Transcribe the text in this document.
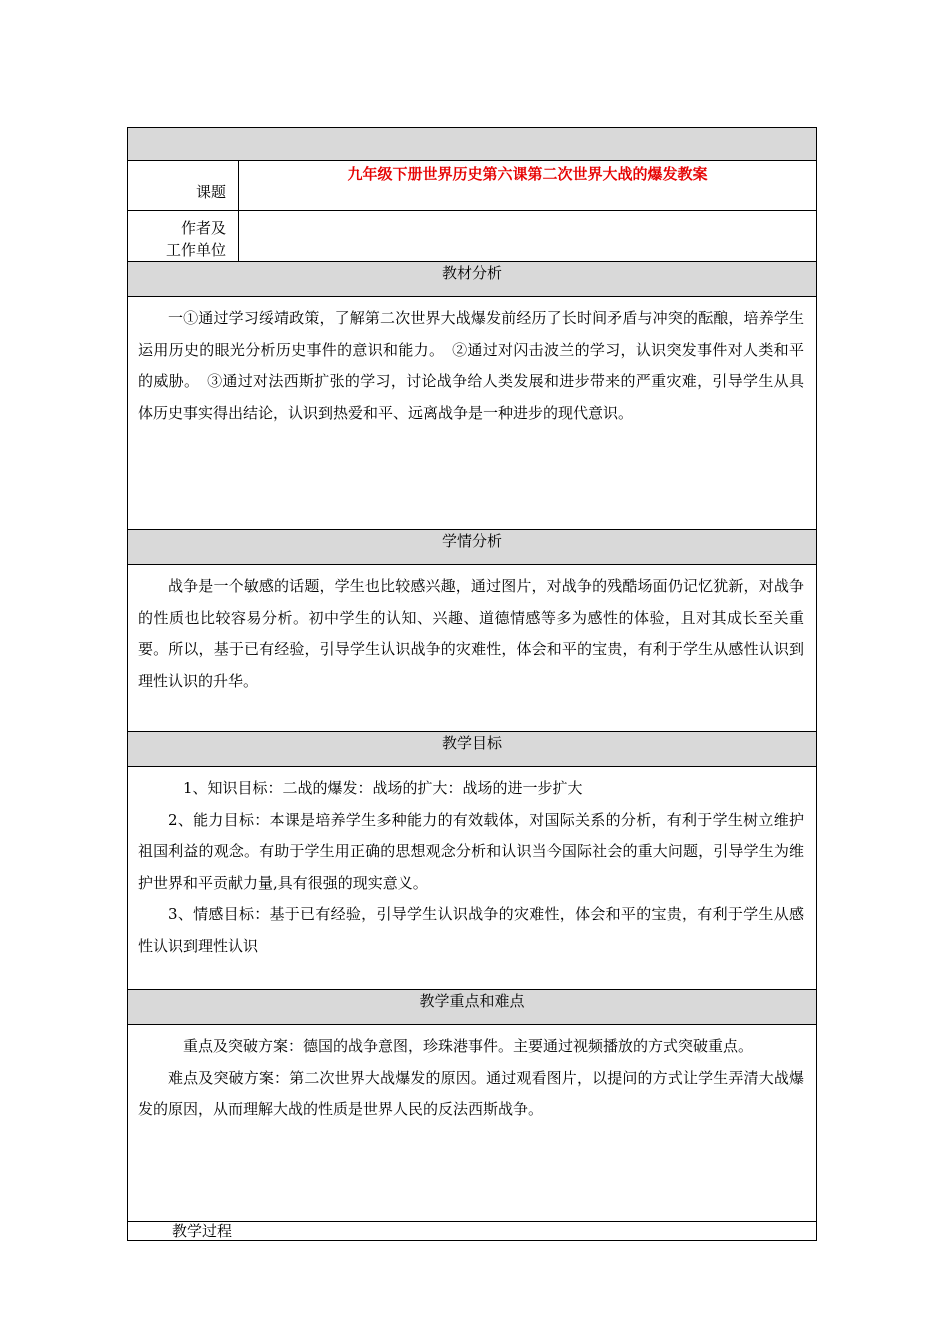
课题	九年级下册世界历史第六课第二次世界大战的爆发教案

作者及
工作单位	

教材分析	

一①通过学习绥靖政策，了解第二次世界大战爆发前经历了长时间矛盾与冲突的酝酿，培养学生运用历史的眼光分析历史事件的意识和能力。　②通过对闪击波兰的学习，认识突发事件对人类和平的威胁。　③通过对法西斯扩张的学习，讨论战争给人类发展和进步带来的严重灾难，引导学生从具体历史事实得出结论，认识到热爱和平、远离战争是一种进步的现代意识。	

学情分析	

战争是一个敏感的话题，学生也比较感兴趣，通过图片，对战争的残酷场面仍记忆犹新，对战争的性质也比较容易分析。初中学生的认知、兴趣、道德情感等多为感性的体验，且对其成长至关重要。所以，基于已有经验，引导学生认识战争的灾难性，体会和平的宝贵，有利于学生从感性认识到理性认识的升华。	

教学目标	

1、知识目标：二战的爆发：战场的扩大：战场的进一步扩大

2、能力目标：本课是培养学生多种能力的有效载体，对国际关系的分析，有利于学生树立维护祖国利益的观念。有助于学生用正确的思想观念分析和认识当今国际社会的重大问题，引导学生为维护世界和平贡献力量,具有很强的现实意义。

3、情感目标：基于已有经验，引导学生认识战争的灾难性，体会和平的宝贵，有利于学生从感性认识到理性认识	

教学重点和难点	

重点及突破方案：德国的战争意图，珍珠港事件。主要通过视频播放的方式突破重点。

难点及突破方案：第二次世界大战爆发的原因。通过观看图片，以提问的方式让学生弄清大战爆发的原因，从而理解大战的性质是世界人民的反法西斯战争。	

教学过程	
